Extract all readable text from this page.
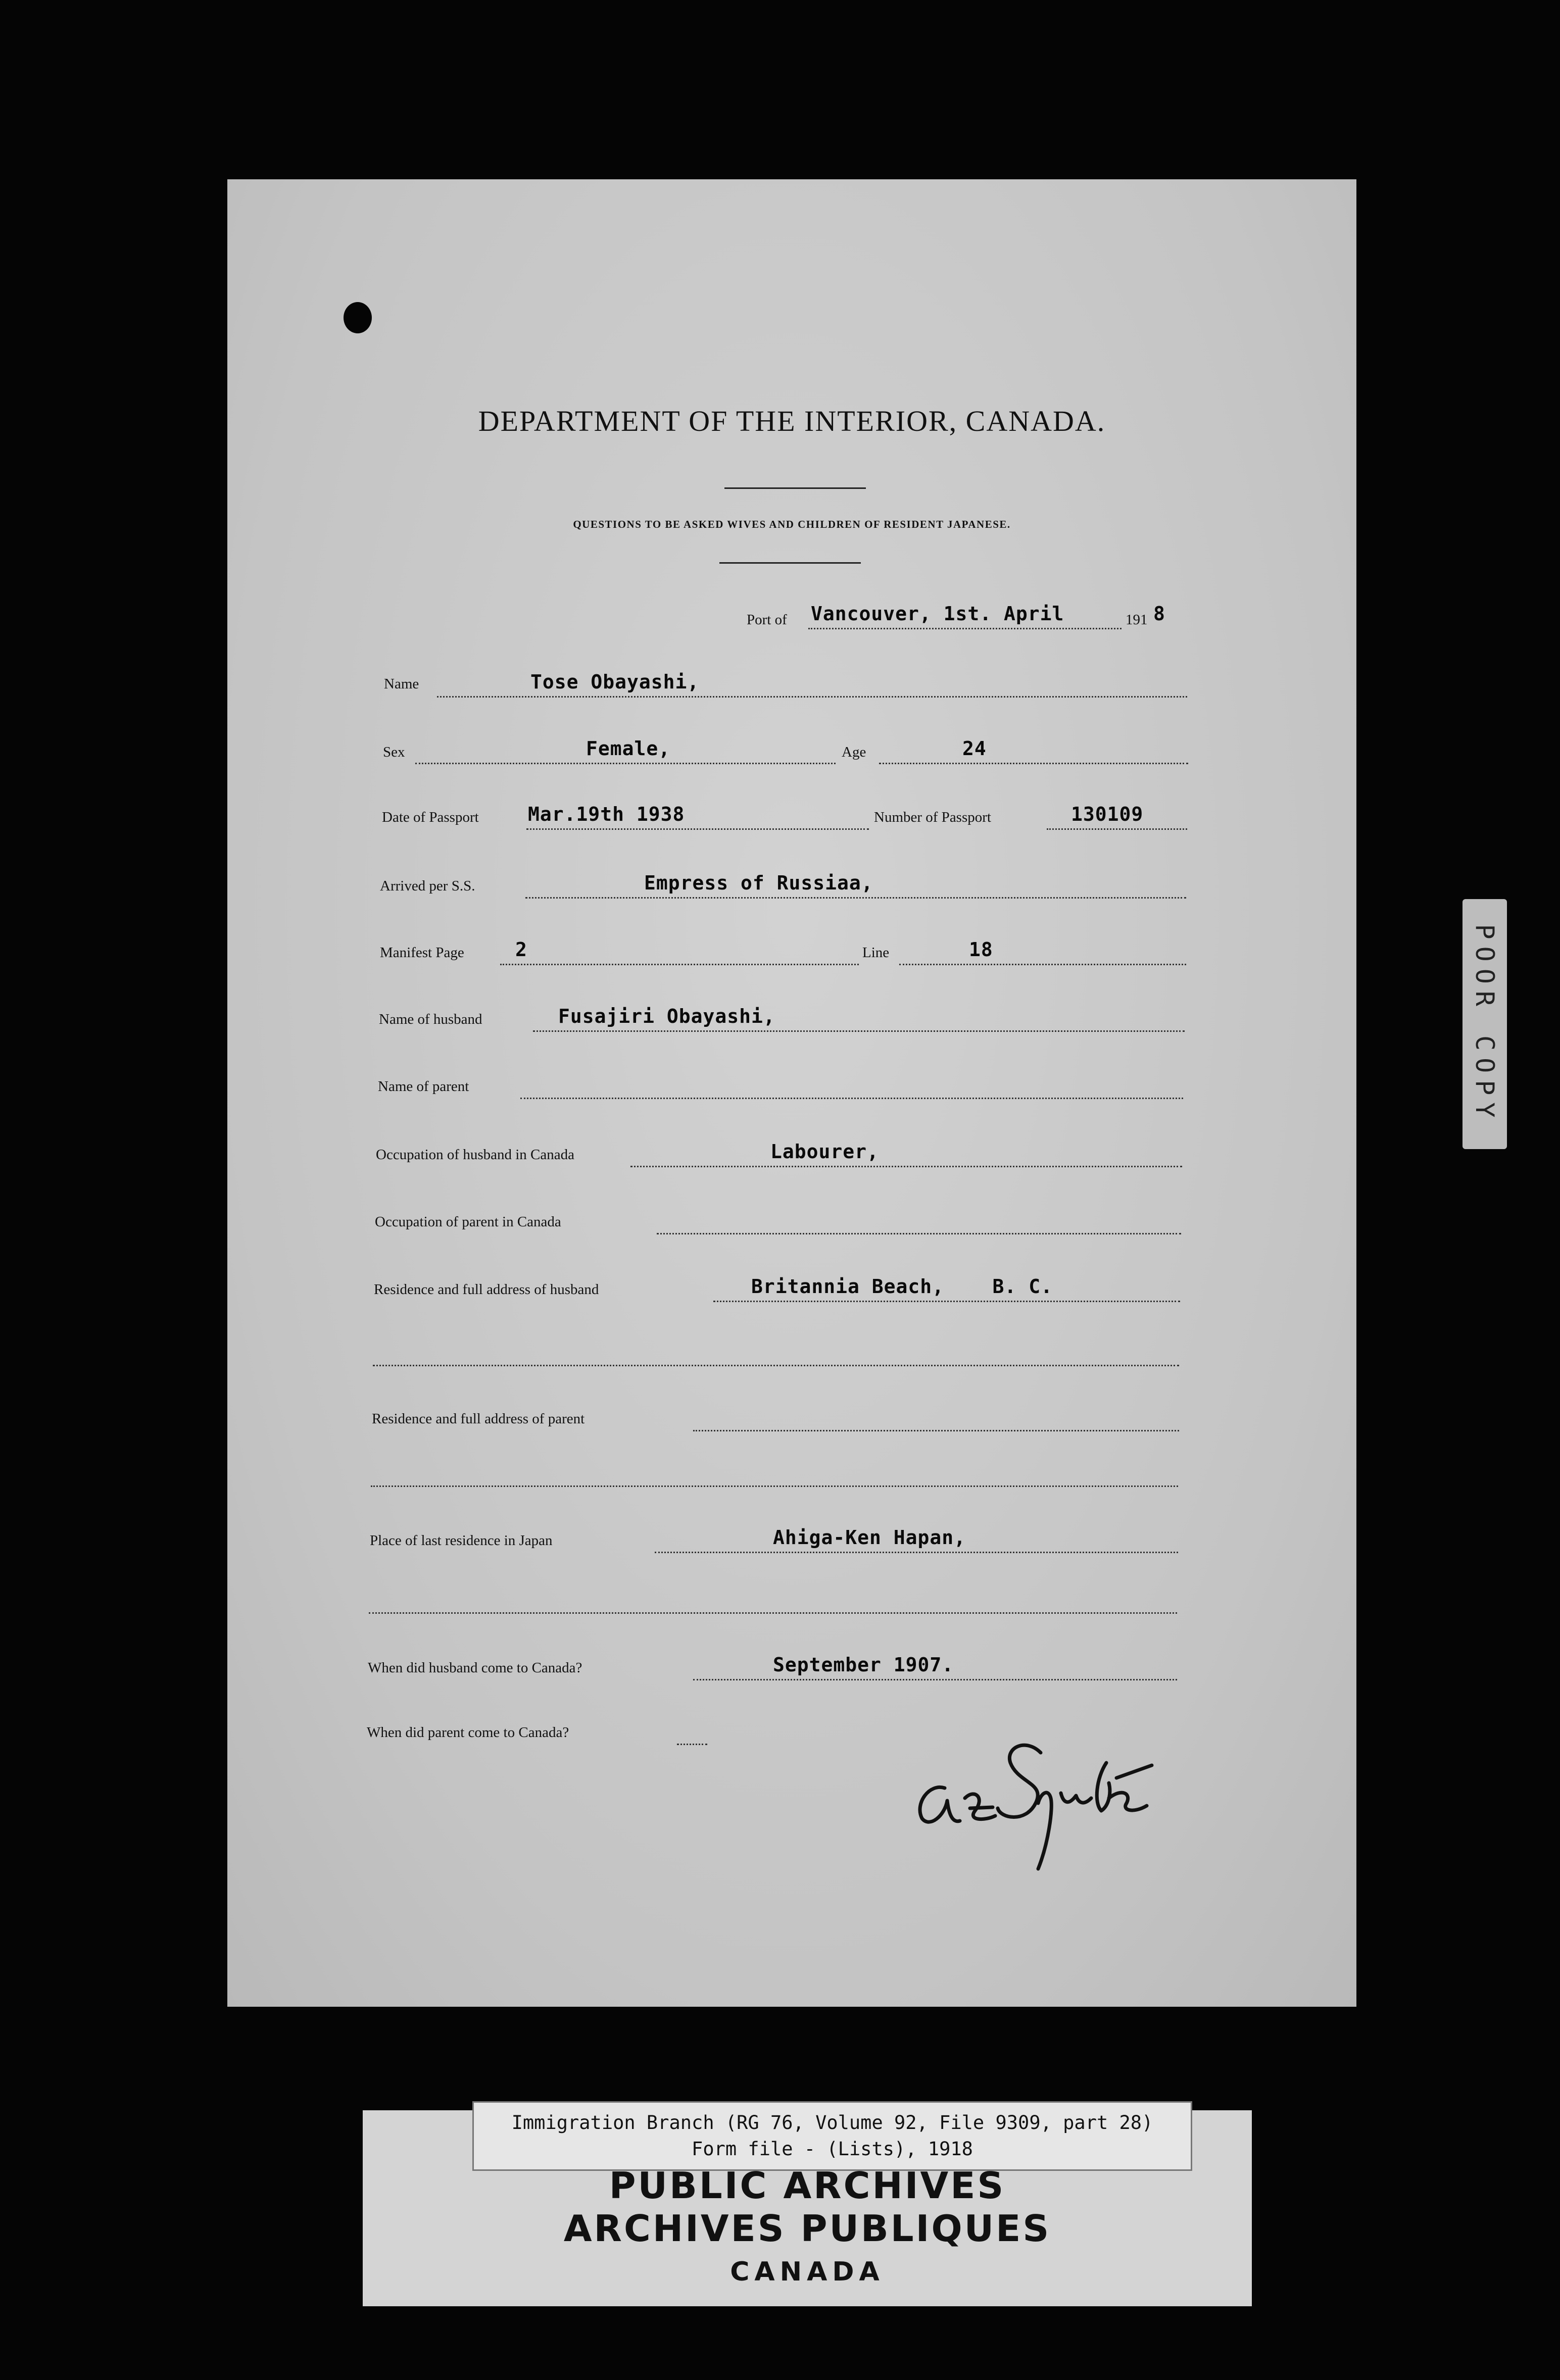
DEPARTMENT OF THE INTERIOR, CANADA.
QUESTIONS TO BE ASKED WIVES AND CHILDREN OF RESIDENT JAPANESE.
Port of Vancouver, 1st. April	191 8
Name	Tose Obayashi,
Sex	Female,	Age	24
Date of Passport	Mar.19th 1938	Number of Passport	130109
Arrived per S.S.	Empress of Russiaa,
Manifest Page	2	Line	18
Name of husband	Fusajiri Obayashi,
Name of parent
Occupation of husband in Canada	Labourer,
Occupation of parent in Canada
Residence and full address of husband	Britannia Beach,    B. C.
Residence and full address of parent
Place of last residence in Japan	Ahiga-Ken Hapan,
When did husband come to Canada?	September 1907.
When did parent come to Canada?
POOR COPY
Immigration Branch (RG 76, Volume 92, File 9309, part 28)
Form file - (Lists), 1918
PUBLIC ARCHIVES
ARCHIVES PUBLIQUES
CANADA
